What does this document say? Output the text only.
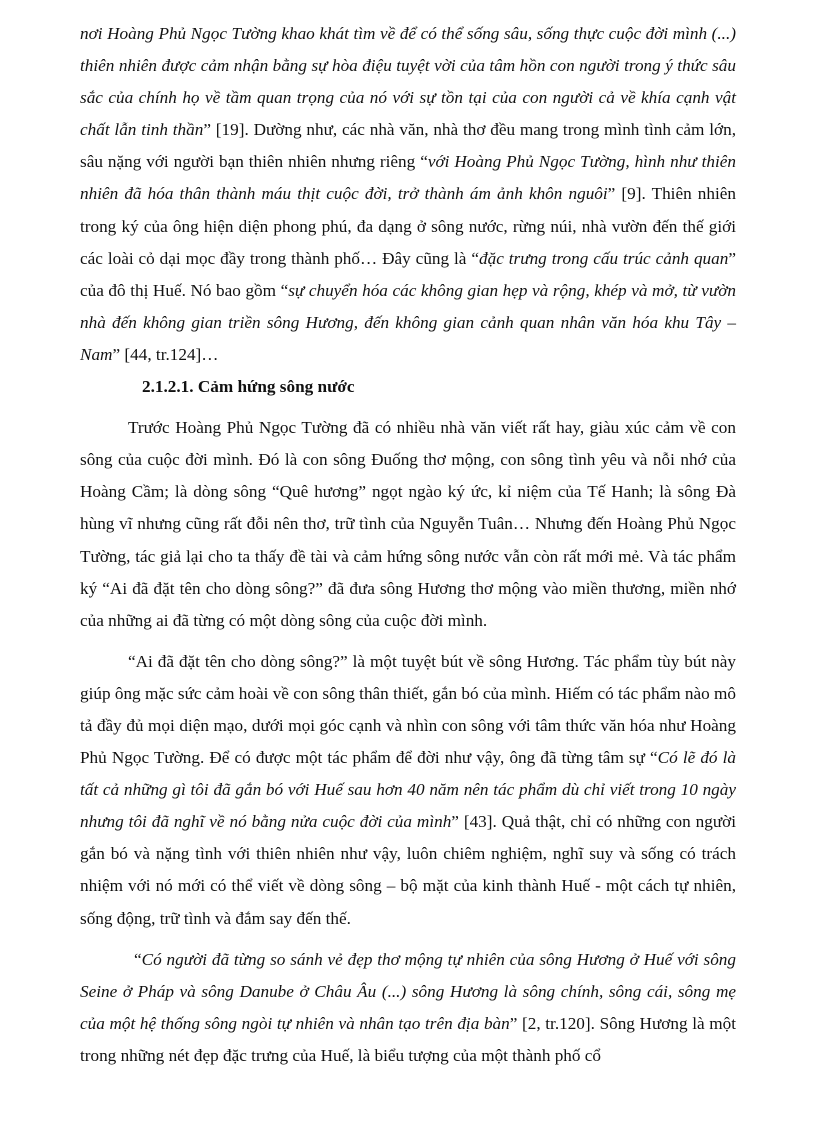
nơi Hoàng Phủ Ngọc Tường khao khát tìm về để có thể sống sâu, sống thực cuộc đời mình (...) thiên nhiên được cảm nhận bằng sự hòa điệu tuyệt vời của tâm hồn con người trong ý thức sâu sắc của chính họ về tầm quan trọng của nó với sự tồn tại của con người cả về khía cạnh vật chất lẫn tinh thần” [19]. Dường như, các nhà văn, nhà thơ đều mang trong mình tình cảm lớn, sâu nặng với người bạn thiên nhiên nhưng riêng “với Hoàng Phủ Ngọc Tường, hình như thiên nhiên đã hóa thân thành máu thịt cuộc đời, trở thành ám ảnh khôn nguôi” [9]. Thiên nhiên trong ký của ông hiện diện phong phú, đa dạng ở sông nước, rừng núi, nhà vườn đến thế giới các loài cỏ dại mọc đầy trong thành phố… Đây cũng là “đặc trưng trong cấu trúc cảnh quan” của đô thị Huế. Nó bao gồm “sự chuyển hóa các không gian hẹp và rộng, khép và mở, từ vườn nhà đến không gian triền sông Hương, đến không gian cảnh quan nhân văn hóa khu Tây – Nam” [44, tr.124]…

2.1.2.1. Cảm hứng sông nước

Trước Hoàng Phủ Ngọc Tường đã có nhiều nhà văn viết rất hay, giàu xúc cảm về con sông của cuộc đời mình. Đó là con sông Đuống thơ mộng, con sông tình yêu và nỗi nhớ của Hoàng Cầm; là dòng sông “Quê hương” ngọt ngào ký ức, kỉ niệm của Tế Hanh; là sông Đà hùng vĩ nhưng cũng rất đỗi nên thơ, trữ tình của Nguyễn Tuân… Nhưng đến Hoàng Phủ Ngọc Tường, tác giả lại cho ta thấy đề tài và cảm hứng sông nước vẫn còn rất mới mẻ. Và tác phẩm ký “Ai đã đặt tên cho dòng sông?” đã đưa sông Hương thơ mộng vào miền thương, miền nhớ của những ai đã từng có một dòng sông của cuộc đời mình.

“Ai đã đặt tên cho dòng sông?” là một tuyệt bút về sông Hương. Tác phẩm tùy bút này giúp ông mặc sức cảm hoài về con sông thân thiết, gắn bó của mình. Hiếm có tác phẩm nào mô tả đầy đủ mọi diện mạo, dưới mọi góc cạnh và nhìn con sông với tâm thức văn hóa như Hoàng Phủ Ngọc Tường. Để có được một tác phẩm để đời như vậy, ông đã từng tâm sự “Có lẽ đó là tất cả những gì tôi đã gắn bó với Huế sau hơn 40 năm nên tác phẩm dù chỉ viết trong 10 ngày nhưng tôi đã nghĩ về nó bằng nửa cuộc đời của mình” [43]. Quả thật, chỉ có những con người gắn bó và nặng tình với thiên nhiên như vậy, luôn chiêm nghiệm, nghĩ suy và sống có trách nhiệm với nó mới có thể viết về dòng sông – bộ mặt của kinh thành Huế - một cách tự nhiên, sống động, trữ tình và đắm say đến thế.

“Có người đã từng so sánh vẻ đẹp thơ mộng tự nhiên của sông Hương ở Huế với sông Seine ở Pháp và sông Danube ở Châu Âu (...) sông Hương là sông chính, sông cái, sông mẹ của một hệ thống sông ngòi tự nhiên và nhân tạo trên địa bàn” [2, tr.120]. Sông Hương là một trong những nét đẹp đặc trưng của Huế, là biểu tượng của một thành phố cổ
